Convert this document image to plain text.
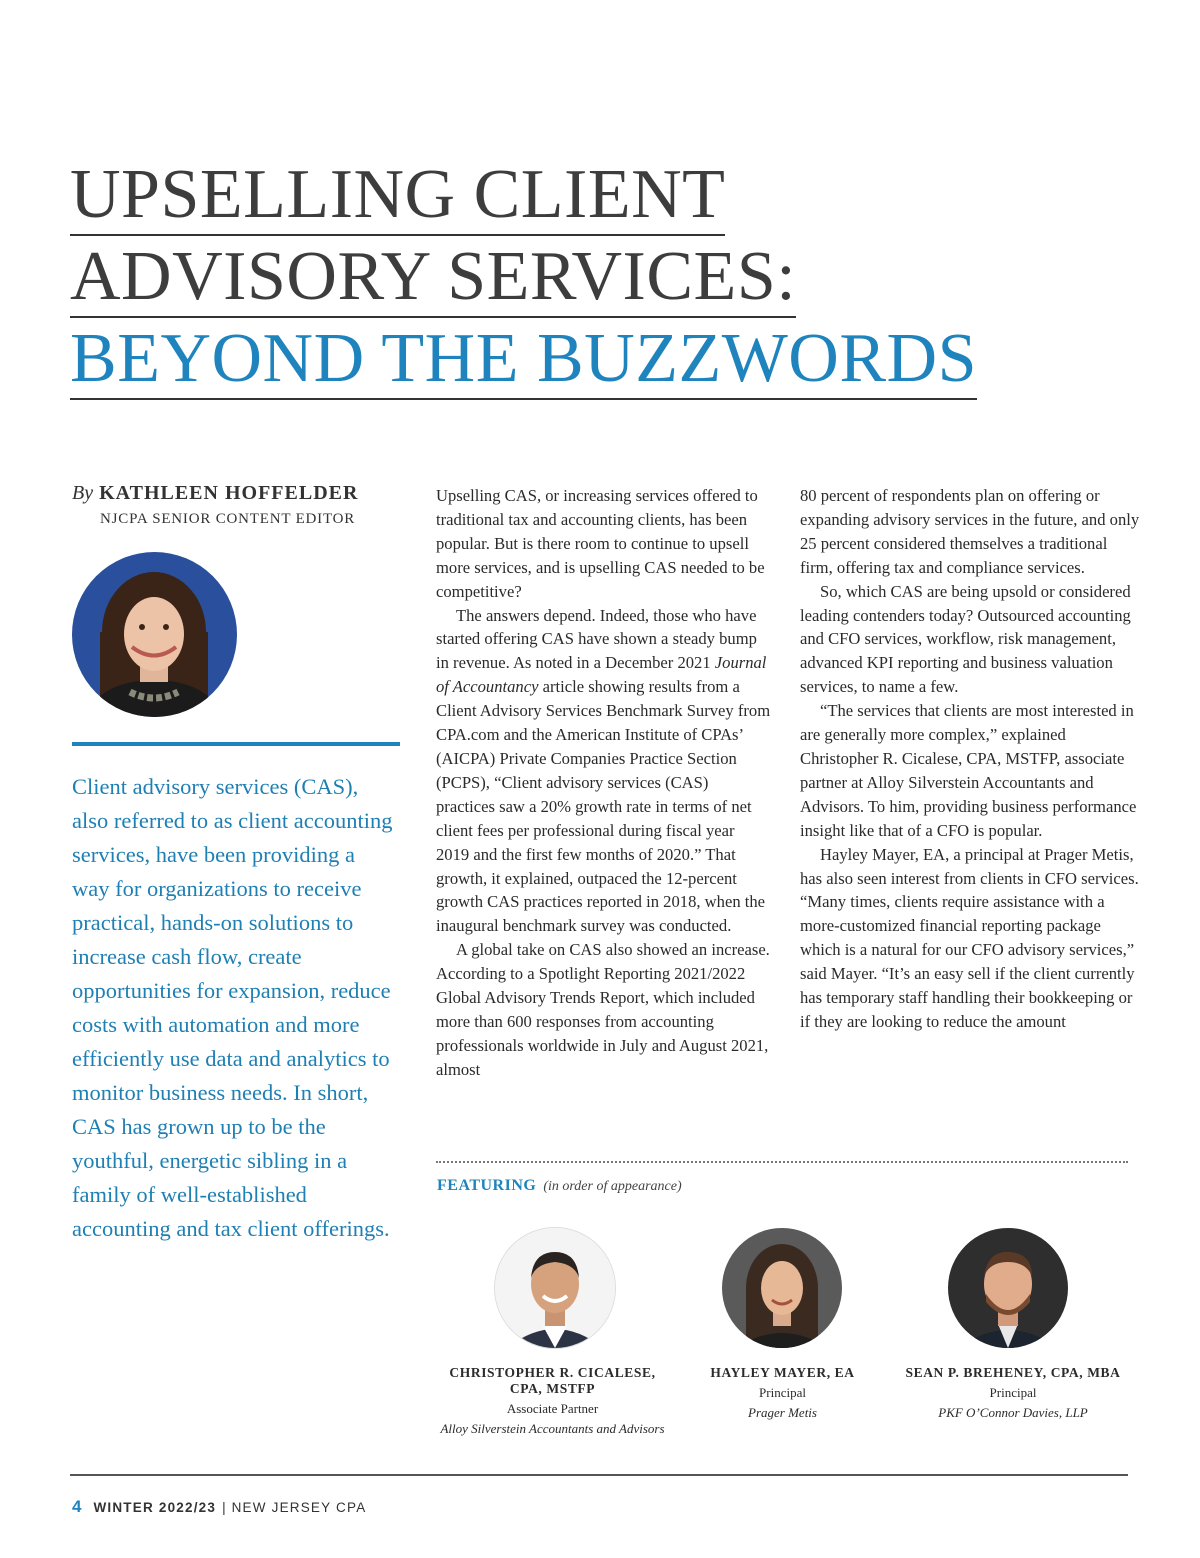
UPSELLING CLIENT
ADVISORY SERVICES:
BEYOND THE BUZZWORDS
By KATHLEEN HOFFELDER
NJCPA SENIOR CONTENT EDITOR

Client advisory services (CAS), also referred to as client accounting services, have been providing a way for organizations to receive practical, hands-on solutions to increase cash flow, create opportunities for expansion, reduce costs with automation and more efficiently use data and analytics to monitor business needs. In short, CAS has grown up to be the youthful, energetic sibling in a family of well-established accounting and tax client offerings.

Upselling CAS, or increasing services offered to traditional tax and accounting clients, has been popular. But is there room to continue to upsell more services, and is upselling CAS needed to be competitive?

The answers depend. Indeed, those who have started offering CAS have shown a steady bump in revenue. As noted in a December 2021 Journal of Accountancy article showing results from a Client Advisory Services Benchmark Survey from CPA.com and the American Institute of CPAs’ (AICPA) Private Companies Practice Section (PCPS), “Client advisory services (CAS) practices saw a 20% growth rate in terms of net client fees per professional during fiscal year 2019 and the first few months of 2020.” That growth, it explained, outpaced the 12-percent growth CAS practices reported in 2018, when the inaugural benchmark survey was conducted.

A global take on CAS also showed an increase. According to a Spotlight Reporting 2021/2022 Global Advisory Trends Report, which included more than 600 responses from accounting professionals worldwide in July and August 2021, almost

80 percent of respondents plan on offering or expanding advisory services in the future, and only 25 percent considered themselves a traditional firm, offering tax and compliance services.

So, which CAS are being upsold or considered leading contenders today? Outsourced accounting and CFO services, workflow, risk management, advanced KPI reporting and business valuation services, to name a few.

“The services that clients are most interested in are generally more complex,” explained Christopher R. Cicalese, CPA, MSTFP, associate partner at Alloy Silverstein Accountants and Advisors. To him, providing business performance insight like that of a CFO is popular.

Hayley Mayer, EA, a principal at Prager Metis, has also seen interest from clients in CFO services. “Many times, clients require assistance with a more-customized financial reporting package which is a natural for our CFO advisory services,” said Mayer. “It’s an easy sell if the client currently has temporary staff handling their bookkeeping or if they are looking to reduce the amount

FEATURING (in order of appearance)
CHRISTOPHER R. CICALESE,
CPA, MSTFP
Associate Partner
Alloy Silverstein Accountants and Advisors
HAYLEY MAYER, EA
Principal
Prager Metis
SEAN P. BREHENEY, CPA, MBA
Principal
PKF O’Connor Davies, LLP
4 WINTER 2022/23 | NEW JERSEY CPA
